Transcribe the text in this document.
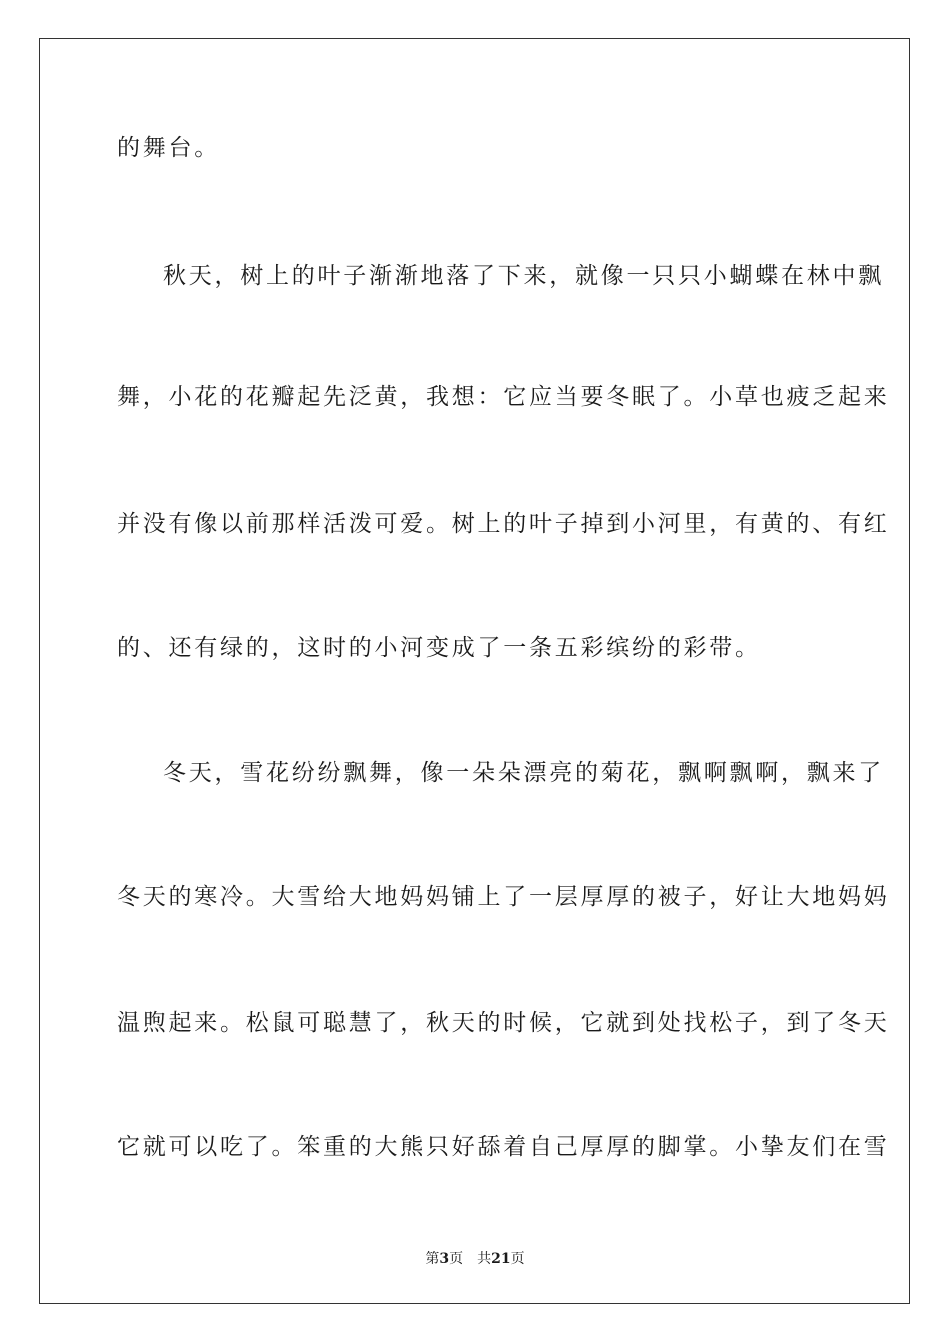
的舞台。
秋天，树上的叶子渐渐地落了下来，就像一只只小蝴蝶在林中飘
舞，小花的花瓣起先泛黄，我想：它应当要冬眠了。小草也疲乏起来
并没有像以前那样活泼可爱。树上的叶子掉到小河里，有黄的、有红
的、还有绿的，这时的小河变成了一条五彩缤纷的彩带。
冬天，雪花纷纷飘舞，像一朵朵漂亮的菊花，飘啊飘啊，飘来了
冬天的寒冷。大雪给大地妈妈铺上了一层厚厚的被子，好让大地妈妈
温煦起来。松鼠可聪慧了，秋天的时候，它就到处找松子，到了冬天
它就可以吃了。笨重的大熊只好舔着自己厚厚的脚掌。小挚友们在雪
第3页 共21页
